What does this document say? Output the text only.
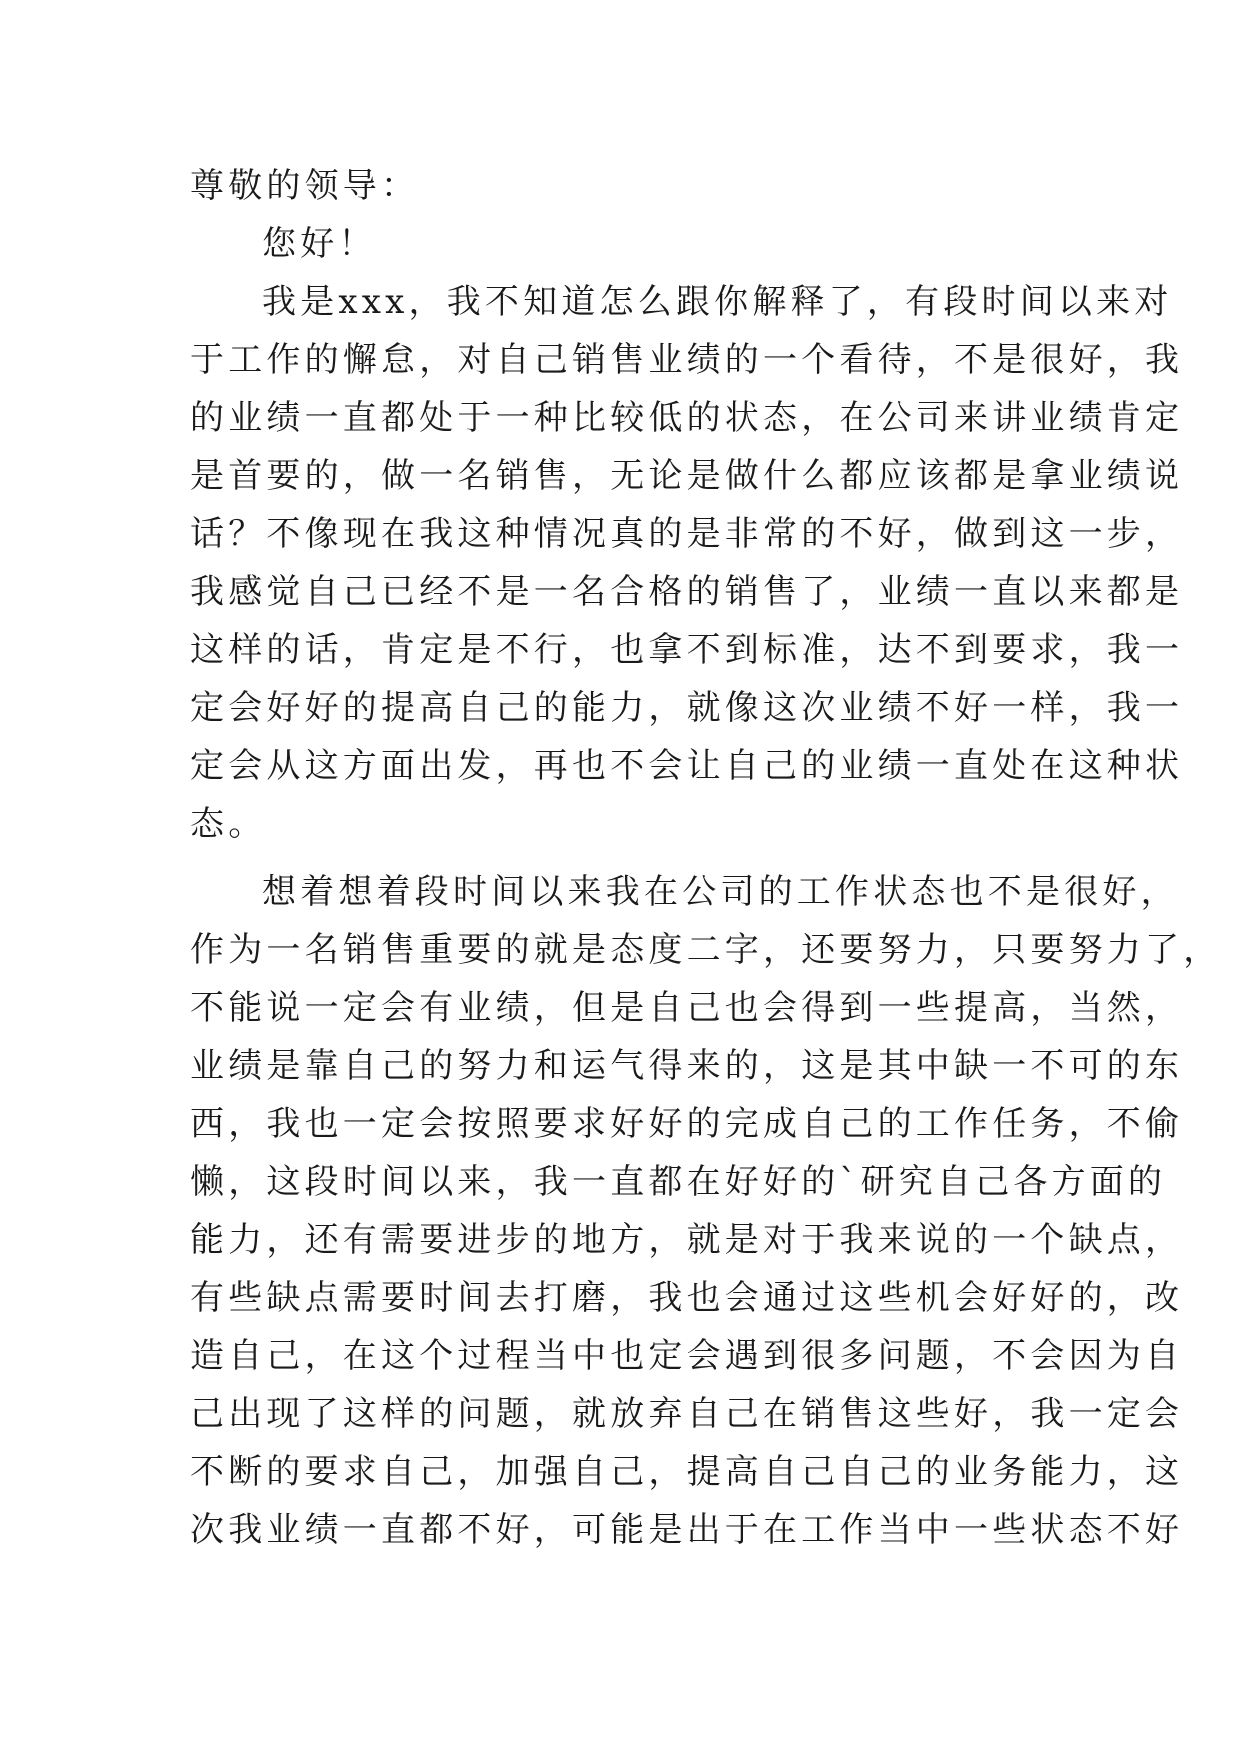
尊敬的领导：
您好！
我是xxx，我不知道怎么跟你解释了，有段时间以来对
于工作的懈怠，对自己销售业绩的一个看待，不是很好，我
的业绩一直都处于一种比较低的状态，在公司来讲业绩肯定
是首要的，做一名销售，无论是做什么都应该都是拿业绩说
话？不像现在我这种情况真的是非常的不好，做到这一步，
我感觉自己已经不是一名合格的销售了，业绩一直以来都是
这样的话，肯定是不行，也拿不到标准，达不到要求，我一
定会好好的提高自己的能力，就像这次业绩不好一样，我一
定会从这方面出发，再也不会让自己的业绩一直处在这种状
态。
想着想着段时间以来我在公司的工作状态也不是很好，
作为一名销售重要的就是态度二字，还要努力，只要努力了，
不能说一定会有业绩，但是自己也会得到一些提高，当然，
业绩是靠自己的努力和运气得来的，这是其中缺一不可的东
西，我也一定会按照要求好好的完成自己的工作任务，不偷
懒，这段时间以来，我一直都在好好的`研究自己各方面的
能力，还有需要进步的地方，就是对于我来说的一个缺点，
有些缺点需要时间去打磨，我也会通过这些机会好好的，改
造自己，在这个过程当中也定会遇到很多问题，不会因为自
己出现了这样的问题，就放弃自己在销售这些好，我一定会
不断的要求自己，加强自己，提高自己自己的业务能力，这
次我业绩一直都不好，可能是出于在工作当中一些状态不好
